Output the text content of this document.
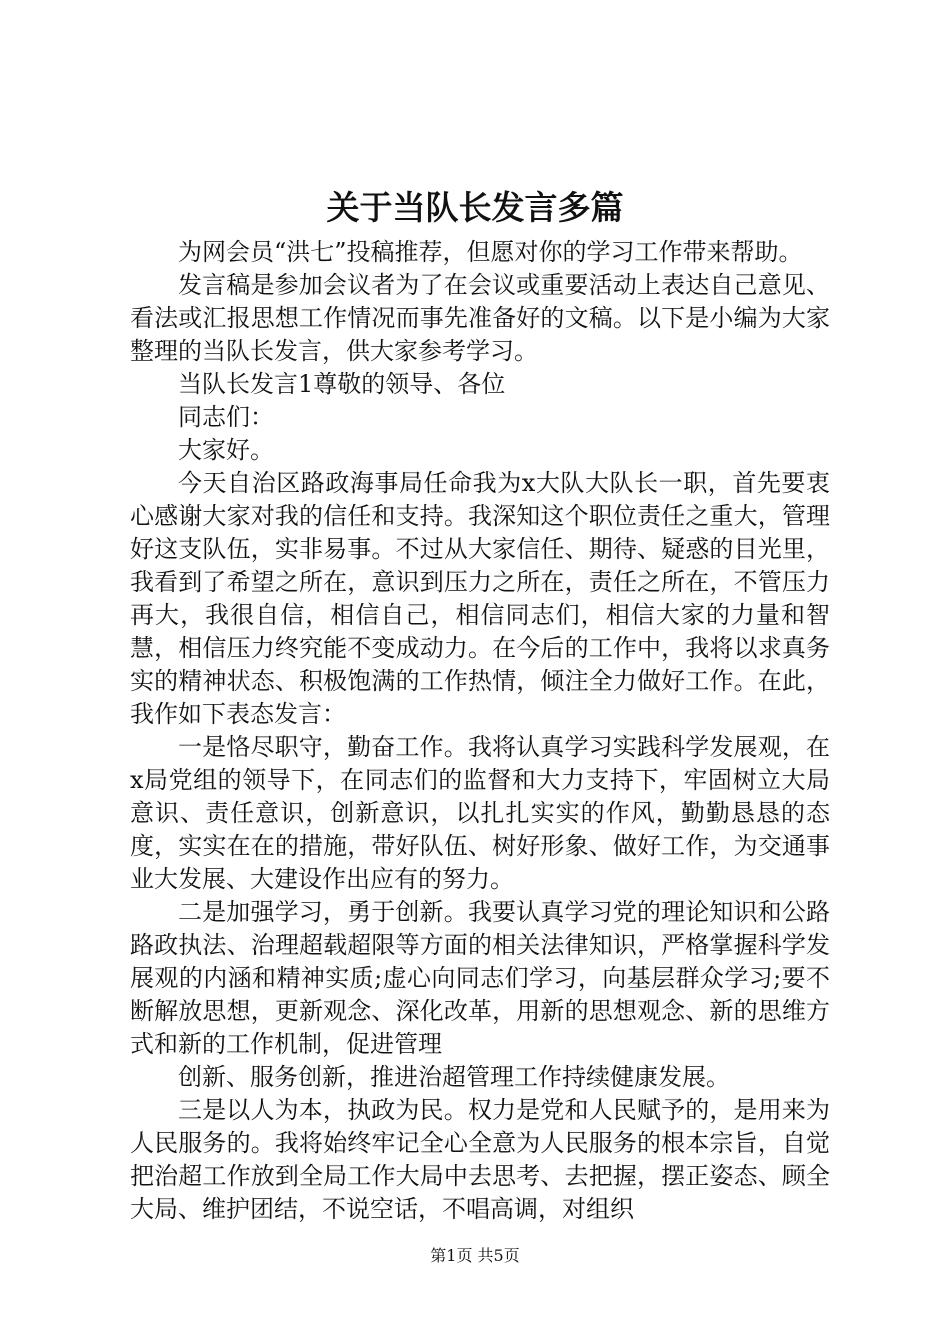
关于当队长发言多篇

为网会员“洪七”投稿推荐，但愿对你的学习工作带来帮助。

发言稿是参加会议者为了在会议或重要活动上表达自己意见、看法或汇报思想工作情况而事先准备好的文稿。以下是小编为大家整理的当队长发言，供大家参考学习。

当队长发言1尊敬的领导、各位

同志们：

大家好。

今天自治区路政海事局任命我为x大队大队长一职，首先要衷心感谢大家对我的信任和支持。我深知这个职位责任之重大，管理好这支队伍，实非易事。不过从大家信任、期待、疑惑的目光里，我看到了希望之所在，意识到压力之所在，责任之所在，不管压力再大，我很自信，相信自己，相信同志们，相信大家的力量和智慧，相信压力终究能不变成动力。在今后的工作中，我将以求真务实的精神状态、积极饱满的工作热情，倾注全力做好工作。在此，我作如下表态发言：

一是恪尽职守，勤奋工作。我将认真学习实践科学发展观，在x局党组的领导下，在同志们的监督和大力支持下，牢固树立大局意识、责任意识，创新意识，以扎扎实实的作风，勤勤恳恳的态度，实实在在的措施，带好队伍、树好形象、做好工作，为交通事业大发展、大建设作出应有的努力。

二是加强学习，勇于创新。我要认真学习党的理论知识和公路路政执法、治理超载超限等方面的相关法律知识，严格掌握科学发展观的内涵和精神实质;虚心向同志们学习，向基层群众学习;要不断解放思想，更新观念、深化改革，用新的思想观念、新的思维方式和新的工作机制，促进管理

创新、服务创新，推进治超管理工作持续健康发展。

三是以人为本，执政为民。权力是党和人民赋予的，是用来为人民服务的。我将始终牢记全心全意为人民服务的根本宗旨，自觉把治超工作放到全局工作大局中去思考、去把握，摆正姿态、顾全大局、维护团结，不说空话，不唱高调，对组织

第1页 共5页
